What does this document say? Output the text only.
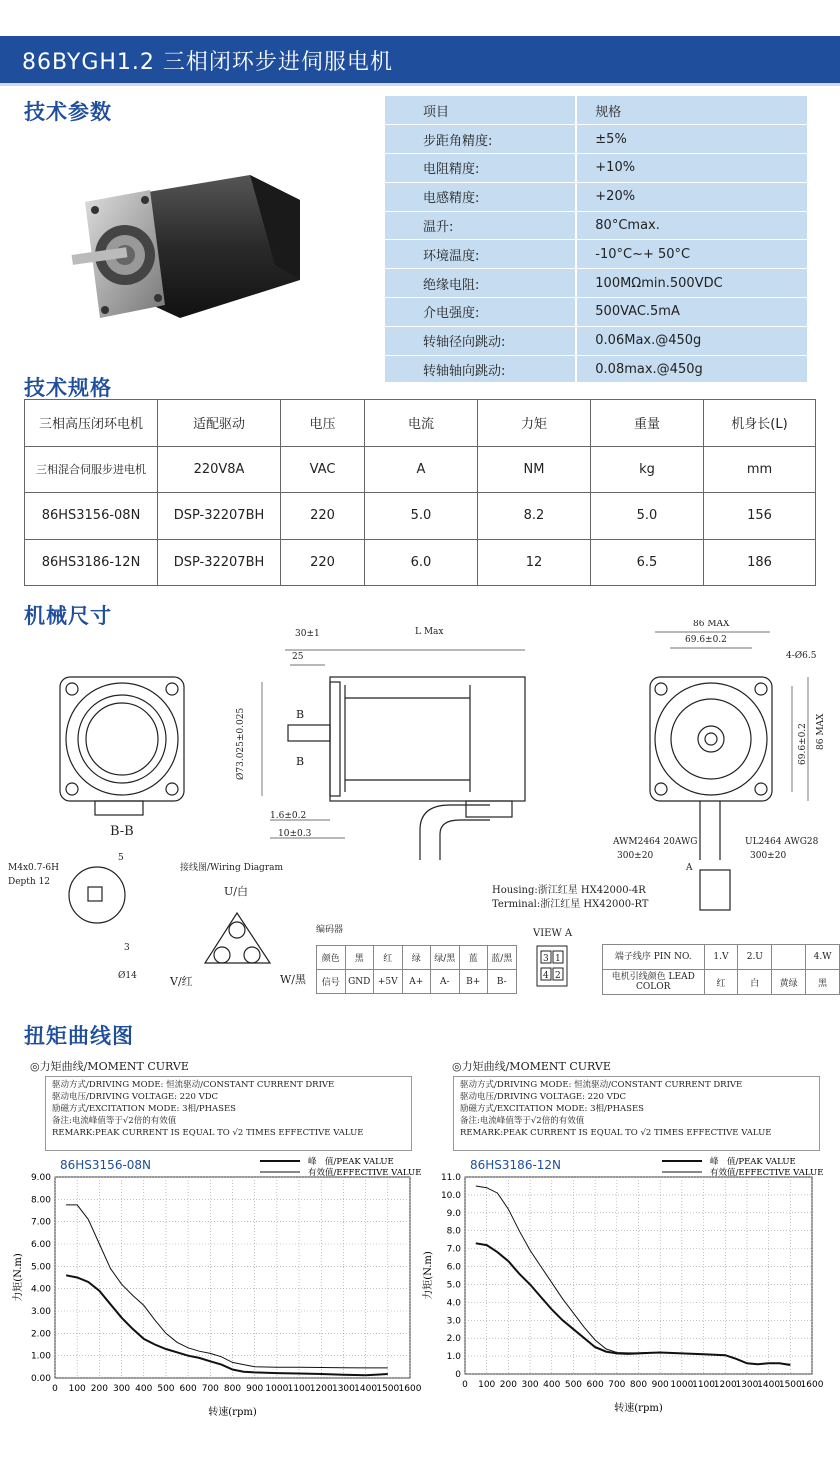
86BYGH1.2 三相闭环步进伺服电机
技术参数	项目	规格
步距角精度:	±5%
电阻精度:	+10%
电感精度:	+20%
温升:	80°Cmax.
环境温度:	-10°C~+ 50°C
绝缘电阻:	100MΩmin.500VDC
介电强度:	500VAC.5mA
转轴径向跳动:	0.06Max.@450g
转轴轴向跳动:	0.08max.@450g
技术规格
三相高压闭环电机	适配驱动	电压	电流	力矩	重量	机身长(L)
三相混合伺服步进电机	220V8A	VAC	A	NM	kg	mm
86HS3156-08N	DSP-32207BH	220	5.0	8.2	5.0	156
86HS3186-12N	DSP-32207BH	220	6.0	12	6.5	186
机械尺寸
B-B
30±1
25
L Max
Ø73.025±0.025	B
B
1.6±0.2
10±0.3
86 MAX
69.6±0.2
4-Ø6.5
69.6±0.2 86 MAX
AWM2464 20AWG
300±20
UL2464 AWG28
300±20
A
Housing:浙江红星 HX42000-4R
Terminal:浙江红星 HX42000-RT
M4x0.7-6H
Depth 12
5
3
Ø14
接线图/Wiring Diagram
U/白
V/红	W/黑
编码器	VIEW A
3 1
4 2
颜色	黑	红	绿	绿/黑	蓝	蓝/黑
信号	GND	+5V	A+	A-	B+	B-
端子线序 PIN NO.	1.V	2.U		4.W
电机引线颜色 LEAD COLOR	红	白	黄绿	黑
扭矩曲线图
◎力矩曲线/MOMENT CURVE	◎力矩曲线/MOMENT CURVE
驱动方式/DRIVING MODE: 恒流驱动/CONSTANT CURRENT DRIVE
驱动电压/DRIVING VOLTAGE: 220 VDC
励磁方式/EXCITATION MODE: 3相/PHASES
备注:电流峰值等于√2倍的有效值
REMARK:PEAK CURRENT IS EQUAL TO √2 TIMES EFFECTIVE VALUE
驱动方式/DRIVING MODE: 恒流驱动/CONSTANT CURRENT DRIVE
驱动电压/DRIVING VOLTAGE: 220 VDC
励磁方式/EXCITATION MODE: 3相/PHASES
备注:电流峰值等于√2倍的有效值
REMARK:PEAK CURRENT IS EQUAL TO √2 TIMES EFFECTIVE VALUE
0.00
1.00
2.00
3.00
4.00
5.00
6.00
7.00
8.00
9.00
0 100 200 300 400 500 600 700 800 900 1000 1100 1200 1300 1400 1500 1600
86HS3156-08N
转速(rpm)
力矩(N.m)
峰　值/PEAK VALUE
有效值/EFFECTIVE VALUE
0
1.0
2.0
3.0
4.0
5.0
6.0
7.0
8.0
9.0
10.0
11.0
0 100 200 300 400 500 600 700 800 900 1000
1100
1200
1300
1400
1500
1600
86HS3186-12N
转速(rpm)
力矩(N.m)
峰　值/PEAK VALUE
有效值/EFFECTIVE VALUE
